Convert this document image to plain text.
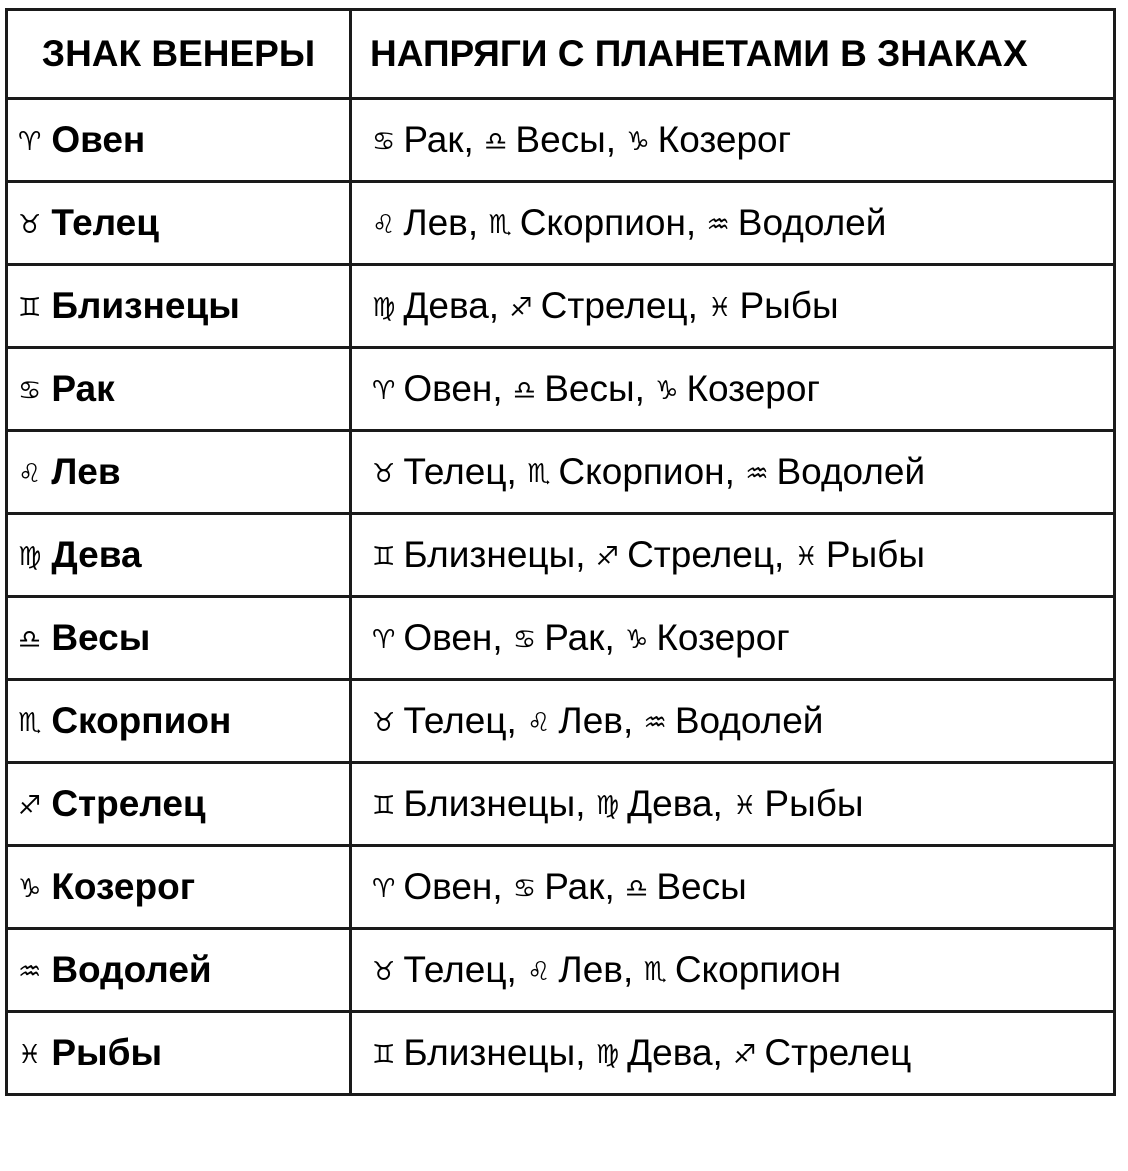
ЗНАК ВЕНЕРЫ	НАПРЯГИ С ПЛАНЕТАМИ В ЗНАКАХ
♈ Овен	♋ Рак, ♎ Весы, ♑ Козерог
♉ Телец	♌ Лев, ♏ Скорпион, ♒ Водолей
♊ Близнецы	♍ Дева, ♐ Стрелец, ♓ Рыбы
♋ Рак	♈ Овен, ♎ Весы, ♑ Козерог
♌ Лев	♉ Телец, ♏ Скорпион, ♒ Водолей
♍ Дева	♊ Близнецы, ♐ Стрелец, ♓ Рыбы
♎ Весы	♈ Овен, ♋ Рак, ♑ Козерог
♏ Скорпион	♉ Телец, ♌ Лев, ♒ Водолей
♐ Стрелец	♊ Близнецы, ♍ Дева, ♓ Рыбы
♑ Козерог	♈ Овен, ♋ Рак, ♎ Весы
♒ Водолей	♉ Телец, ♌ Лев, ♏ Скорпион
♓ Рыбы	♊ Близнецы, ♍ Дева, ♐ Стрелец
